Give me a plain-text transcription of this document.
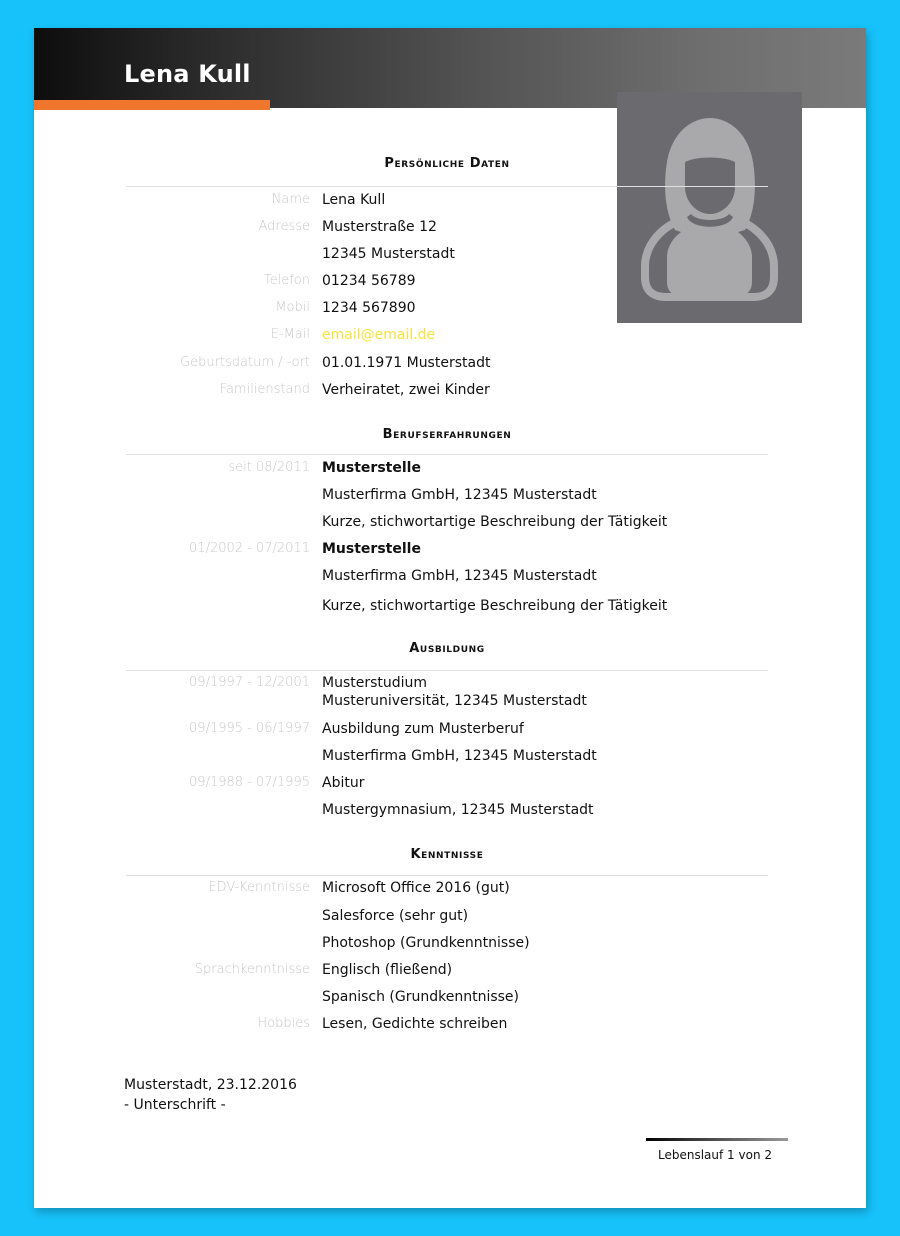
Lena Kull
Persönliche Daten
Name Lena Kull
Adresse Musterstraße 12
12345 Musterstadt
Telefon 01234 56789
Mobil 1234 567890
E-Mail email@email.de
Geburtsdatum / -ort 01.01.1971 Musterstadt
Familienstand Verheiratet, zwei Kinder
Berufserfahrungen
seit 08/2011 Musterstelle
Musterfirma GmbH, 12345 Musterstadt
Kurze, stichwortartige Beschreibung der Tätigkeit
01/2002 - 07/2011 Musterstelle
Musterfirma GmbH, 12345 Musterstadt
Kurze, stichwortartige Beschreibung der Tätigkeit
Ausbildung
09/1997 - 12/2001 Musterstudium
Musteruniversität, 12345 Musterstadt
09/1995 - 06/1997 Ausbildung zum Musterberuf
Musterfirma GmbH, 12345 Musterstadt
09/1988 - 07/1995 Abitur
Mustergymnasium, 12345 Musterstadt
Kenntnisse
EDV-Kenntnisse Microsoft Office 2016 (gut)
Salesforce (sehr gut)
Photoshop (Grundkenntnisse)
Sprachkenntnisse Englisch (fließend)
Spanisch (Grundkenntnisse)
Hobbies Lesen, Gedichte schreiben
Musterstadt, 23.12.2016
- Unterschrift -
Lebenslauf 1 von 2
